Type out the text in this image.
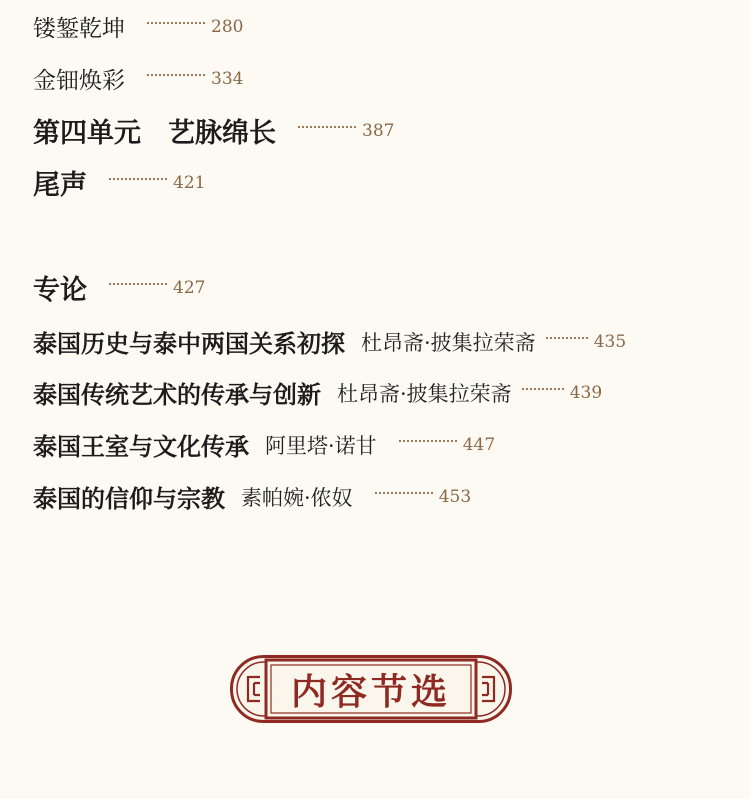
镂錾乾坤	280
金钿焕彩	334
第四单元　艺脉绵长	387
尾声	421
专论	427
泰国历史与泰中两国关系初探 杜昂斋·披集拉荣斋	435
泰国传统艺术的传承与创新 杜昂斋·披集拉荣斋	439
泰国王室与文化传承 阿里塔·诺甘	447
泰国的信仰与宗教 素帕婉·侬奴	453
内容节选
